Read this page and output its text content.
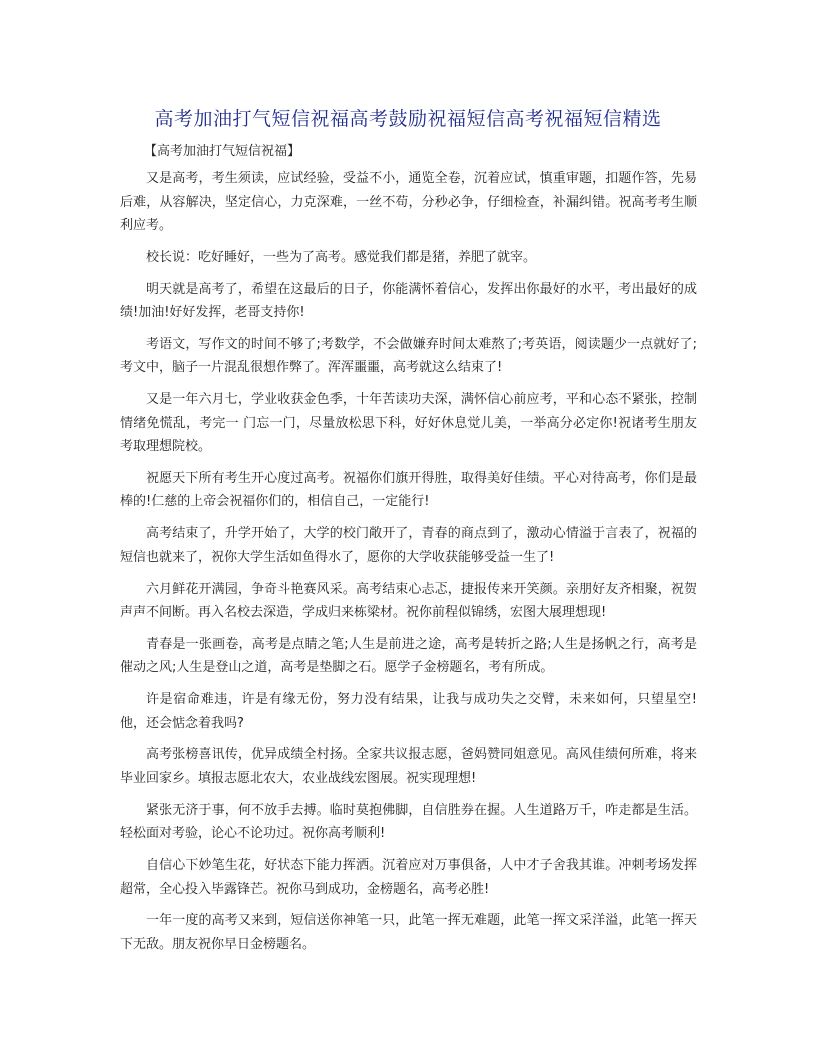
高考加油打气短信祝福高考鼓励祝福短信高考祝福短信精选
【高考加油打气短信祝福】

又是高考，考生须读，应试经验，受益不小，通览全卷，沉着应试，慎重审题，扣题作答，先易后难，从容解决，坚定信心，力克深难，一丝不苟，分秒必争，仔细检查，补漏纠错。祝高考考生顺利应考。

校长说：吃好睡好，一些为了高考。感觉我们都是猪，养肥了就宰。

明天就是高考了，希望在这最后的日子，你能满怀着信心，发挥出你最好的水平，考出最好的成绩!加油!好好发挥，老哥支持你!

考语文，写作文的时间不够了;考数学，不会做嫌弃时间太难熬了;考英语，阅读题少一点就好了;考文中，脑子一片混乱很想作弊了。浑浑噩噩，高考就这么结束了!

又是一年六月七，学业收获金色季，十年苦读功夫深，满怀信心前应考，平和心态不紧张，控制情绪免慌乱，考完一 门忘一门，尽量放松思下科，好好休息觉儿美，一举高分必定你!祝诸考生朋友考取理想院校。

祝愿天下所有考生开心度过高考。祝福你们旗开得胜，取得美好佳绩。平心对待高考，你们是最棒的!仁慈的上帝会祝福你们的，相信自己，一定能行!

高考结束了，升学开始了，大学的校门敞开了，青春的商点到了，激动心情溢于言表了，祝福的短信也就来了，祝你大学生活如鱼得水了，愿你的大学收获能够受益一生了!

六月鲜花开满园，争奇斗艳赛风采。高考结束心忐忑，捷报传来开笑颜。亲朋好友齐相聚，祝贺声声不间断。再入名校去深造，学成归来栋梁材。祝你前程似锦绣，宏图大展理想现!

青春是一张画卷，高考是点睛之笔;人生是前进之途，高考是转折之路;人生是扬帆之行，高考是催动之风;人生是登山之道，高考是垫脚之石。愿学子金榜题名，考有所成。

许是宿命难违，许是有缘无份，努力没有结果，让我与成功失之交臂，未来如何，只望星空!他，还会惦念着我吗?

高考张榜喜讯传，优异成绩全村扬。全家共议报志愿，爸妈赞同姐意见。高风佳绩何所难，将来毕业回家乡。填报志愿北农大，农业战线宏图展。祝实现理想!

紧张无济于事，何不放手去搏。临时莫抱佛脚，自信胜券在握。人生道路万千，咋走都是生活。轻松面对考验，论心不论功过。祝你高考顺利!

自信心下妙笔生花，好状态下能力挥洒。沉着应对万事俱备，人中才子舍我其谁。冲刺考场发挥超常，全心投入毕露锋芒。祝你马到成功，金榜题名，高考必胜!

一年一度的高考又来到，短信送你神笔一只，此笔一挥无难题，此笔一挥文采洋溢，此笔一挥天下无敌。朋友祝你早日金榜题名。
